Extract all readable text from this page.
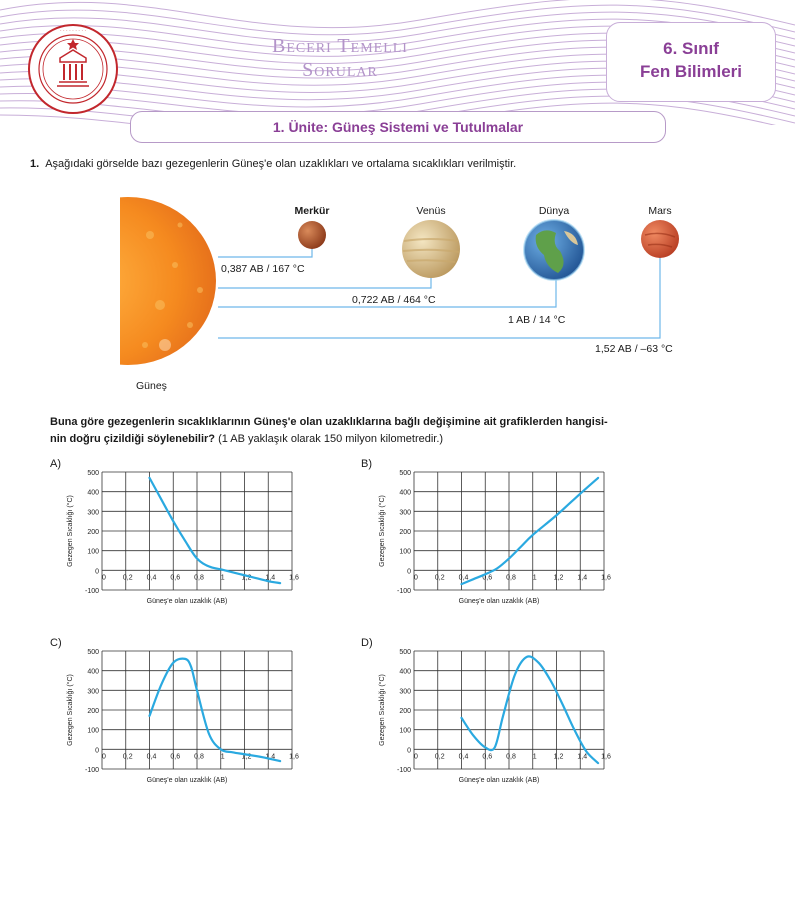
· · · · · · · · ·
Beceri Temelli
Sorular
6. Sınıf
Fen Bilimleri
1. Ünite: Güneş Sistemi ve Tutulmalar
1. Aşağıdaki görselde bazı gezegenlerin Güneş'e olan uzaklıkları ve ortalama sıcaklıkları verilmiştir.
Merkür	Venüs	Dünya	Mars
0,387 AB / 167 °C
0,722 AB / 464 °C
1 AB / 14 °C
1,52 AB / –63 °C
Güneş
Buna göre gezegenlerin sıcaklıklarının Güneş'e olan uzaklıklarına bağlı değişimine ait grafiklerden hangisi-
nin doğru çizildiği söylenebilir? (1 AB yaklaşık olarak 150 milyon kilometredir.)
A)	B)
C)	D)
-100
0
100
200
300
400
500
0 0,2 0,4 0,6 0,8 1 1,2 1,4 1,6
Güneş'e olan uzaklık (AB)
Gezegen Sıcaklığı (°C)
-100
0
100
200
300
400
500
0 0,2 0,4 0,6 0,8 1 1,2 1,4 1,6
Güneş'e olan uzaklık (AB)
Gezegen Sıcaklığı (°C)
-100
0
100
200
300
400
500
0 0,2 0,4 0,6 0,8 1 1,2 1,4 1,6
Güneş'e olan uzaklık (AB)
Gezegen Sıcaklığı (°C)
-100
0
100
200
300
400
500
0 0,2 0,4 0,6 0,8 1 1,2 1,4 1,6
Güneş'e olan uzaklık (AB)
Gezegen Sıcaklığı (°C)
